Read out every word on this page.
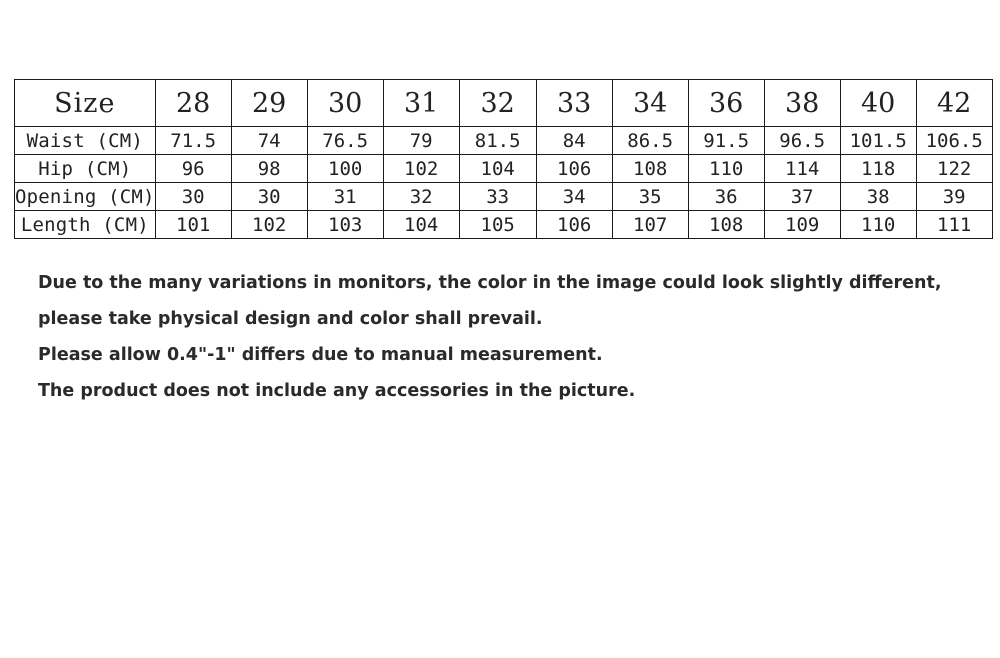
Size	28	29	30	31	32	33	34	36	38	40	42
Waist (CM)	71.5	74	76.5	79	81.5	84	86.5	91.5	96.5	101.5	106.5
Hip (CM)	96	98	100	102	104	106	108	110	114	118	122
Opening (CM)	30	30	31	32	33	34	35	36	37	38	39
Length (CM)	101	102	103	104	105	106	107	108	109	110	111

Due to the many variations in monitors, the color in the image could look slightly different,

please take physical design and color shall prevail.

Please allow 0.4"-1" differs due to manual measurement.

The product does not include any accessories in the picture.
